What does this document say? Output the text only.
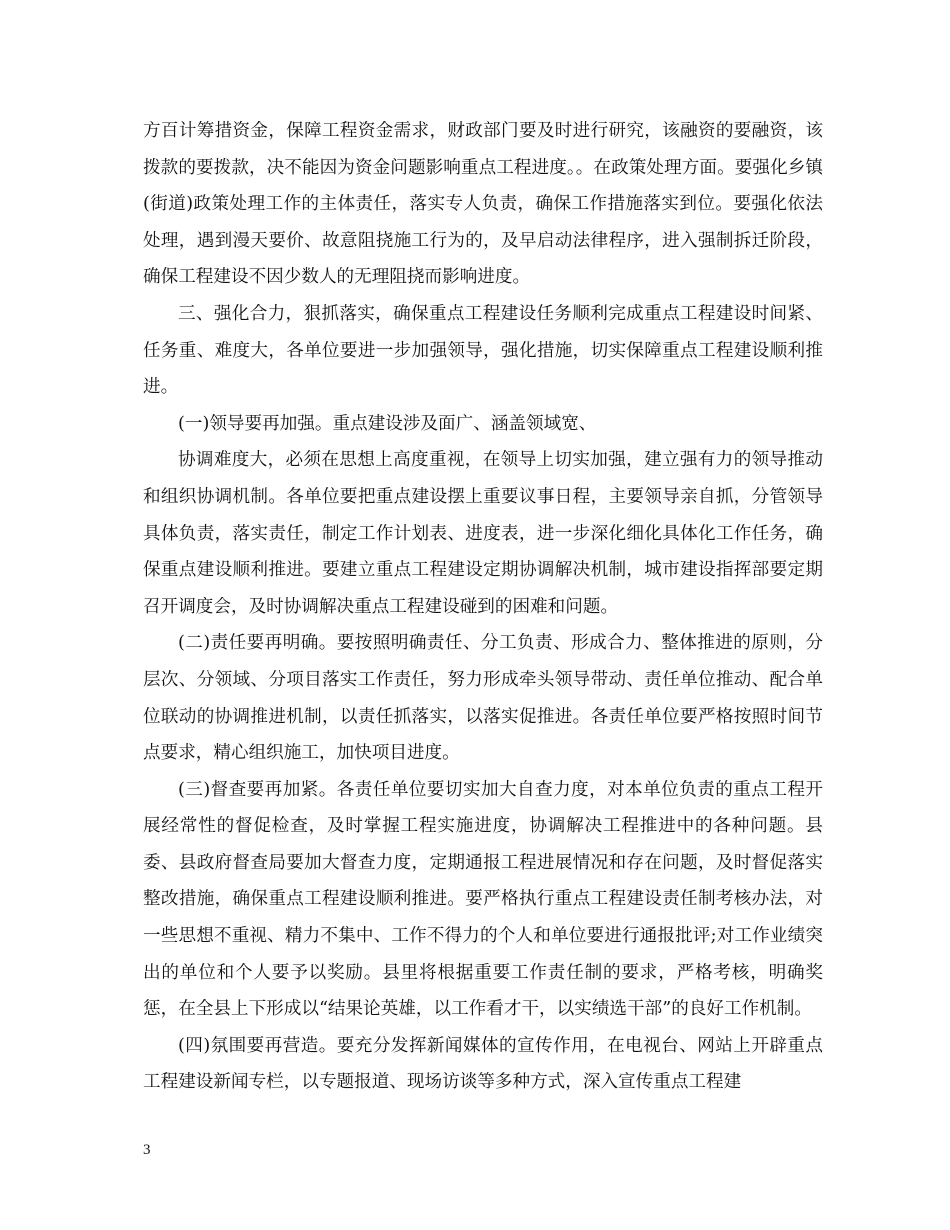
方百计筹措资金，保障工程资金需求，财政部门要及时进行研究，该融资的要融资，该拨款的要拨款，决不能因为资金问题影响重点工程进度。。在政策处理方面。要强化乡镇(街道)政策处理工作的主体责任，落实专人负责，确保工作措施落实到位。要强化依法处理，遇到漫天要价、故意阻挠施工行为的，及早启动法律程序，进入强制拆迁阶段，确保工程建设不因少数人的无理阻挠而影响进度。

三、强化合力，狠抓落实，确保重点工程建设任务顺利完成重点工程建设时间紧、任务重、难度大，各单位要进一步加强领导，强化措施，切实保障重点工程建设顺利推进。

(一)领导要再加强。重点建设涉及面广、涵盖领域宽、

协调难度大，必须在思想上高度重视，在领导上切实加强，建立强有力的领导推动和组织协调机制。各单位要把重点建设摆上重要议事日程，主要领导亲自抓，分管领导具体负责，落实责任，制定工作计划表、进度表，进一步深化细化具体化工作任务，确保重点建设顺利推进。要建立重点工程建设定期协调解决机制，城市建设指挥部要定期召开调度会，及时协调解决重点工程建设碰到的困难和问题。

(二)责任要再明确。要按照明确责任、分工负责、形成合力、整体推进的原则，分层次、分领域、分项目落实工作责任，努力形成牵头领导带动、责任单位推动、配合单位联动的协调推进机制，以责任抓落实，以落实促推进。各责任单位要严格按照时间节点要求，精心组织施工，加快项目进度。

(三)督查要再加紧。各责任单位要切实加大自查力度，对本单位负责的重点工程开展经常性的督促检查，及时掌握工程实施进度，协调解决工程推进中的各种问题。县委、县政府督查局要加大督查力度，定期通报工程进展情况和存在问题，及时督促落实整改措施，确保重点工程建设顺利推进。要严格执行重点工程建设责任制考核办法，对一些思想不重视、精力不集中、工作不得力的个人和单位要进行通报批评;对工作业绩突出的单位和个人要予以奖励。县里将根据重要工作责任制的要求，严格考核，明确奖惩，在全县上下形成以“结果论英雄，以工作看才干，以实绩选干部”的良好工作机制。

(四)氛围要再营造。要充分发挥新闻媒体的宣传作用，在电视台、网站上开辟重点工程建设新闻专栏，以专题报道、现场访谈等多种方式，深入宣传重点工程建

3
